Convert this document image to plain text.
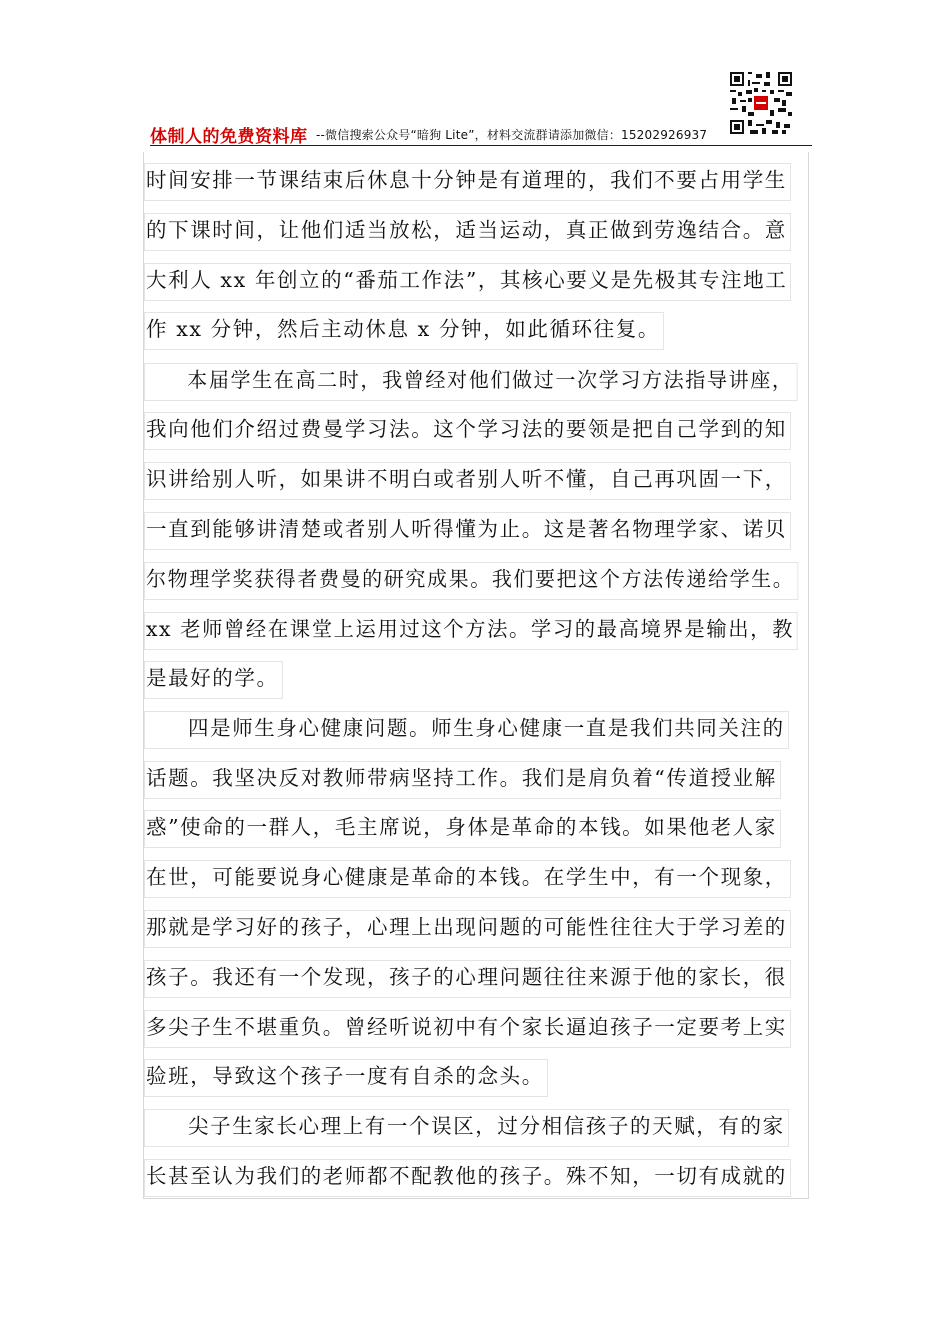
体制人的免费资料库 --微信搜索公众号“暗狗 Lite”，材料交流群请添加微信：15202926937
时间安排一节课结束后休息十分钟是有道理的，我们不要占用学生
的下课时间，让他们适当放松，适当运动，真正做到劳逸结合。意
大利人 xx 年创立的“番茄工作法”，其核心要义是先极其专注地工
作 xx 分钟，然后主动休息 x 分钟，如此循环往复。
本届学生在高二时，我曾经对他们做过一次学习方法指导讲座，
我向他们介绍过费曼学习法。这个学习法的要领是把自己学到的知
识讲给别人听，如果讲不明白或者别人听不懂，自己再巩固一下，
一直到能够讲清楚或者别人听得懂为止。这是著名物理学家、诺贝
尔物理学奖获得者费曼的研究成果。我们要把这个方法传递给学生。
xx 老师曾经在课堂上运用过这个方法。学习的最高境界是输出，教
是最好的学。
四是师生身心健康问题。师生身心健康一直是我们共同关注的
话题。我坚决反对教师带病坚持工作。我们是肩负着“传道授业解
惑”使命的一群人，毛主席说，身体是革命的本钱。如果他老人家
在世，可能要说身心健康是革命的本钱。在学生中，有一个现象，
那就是学习好的孩子，心理上出现问题的可能性往往大于学习差的
孩子。我还有一个发现，孩子的心理问题往往来源于他的家长，很
多尖子生不堪重负。曾经听说初中有个家长逼迫孩子一定要考上实
验班，导致这个孩子一度有自杀的念头。
尖子生家长心理上有一个误区，过分相信孩子的天赋，有的家
长甚至认为我们的老师都不配教他的孩子。殊不知，一切有成就的
